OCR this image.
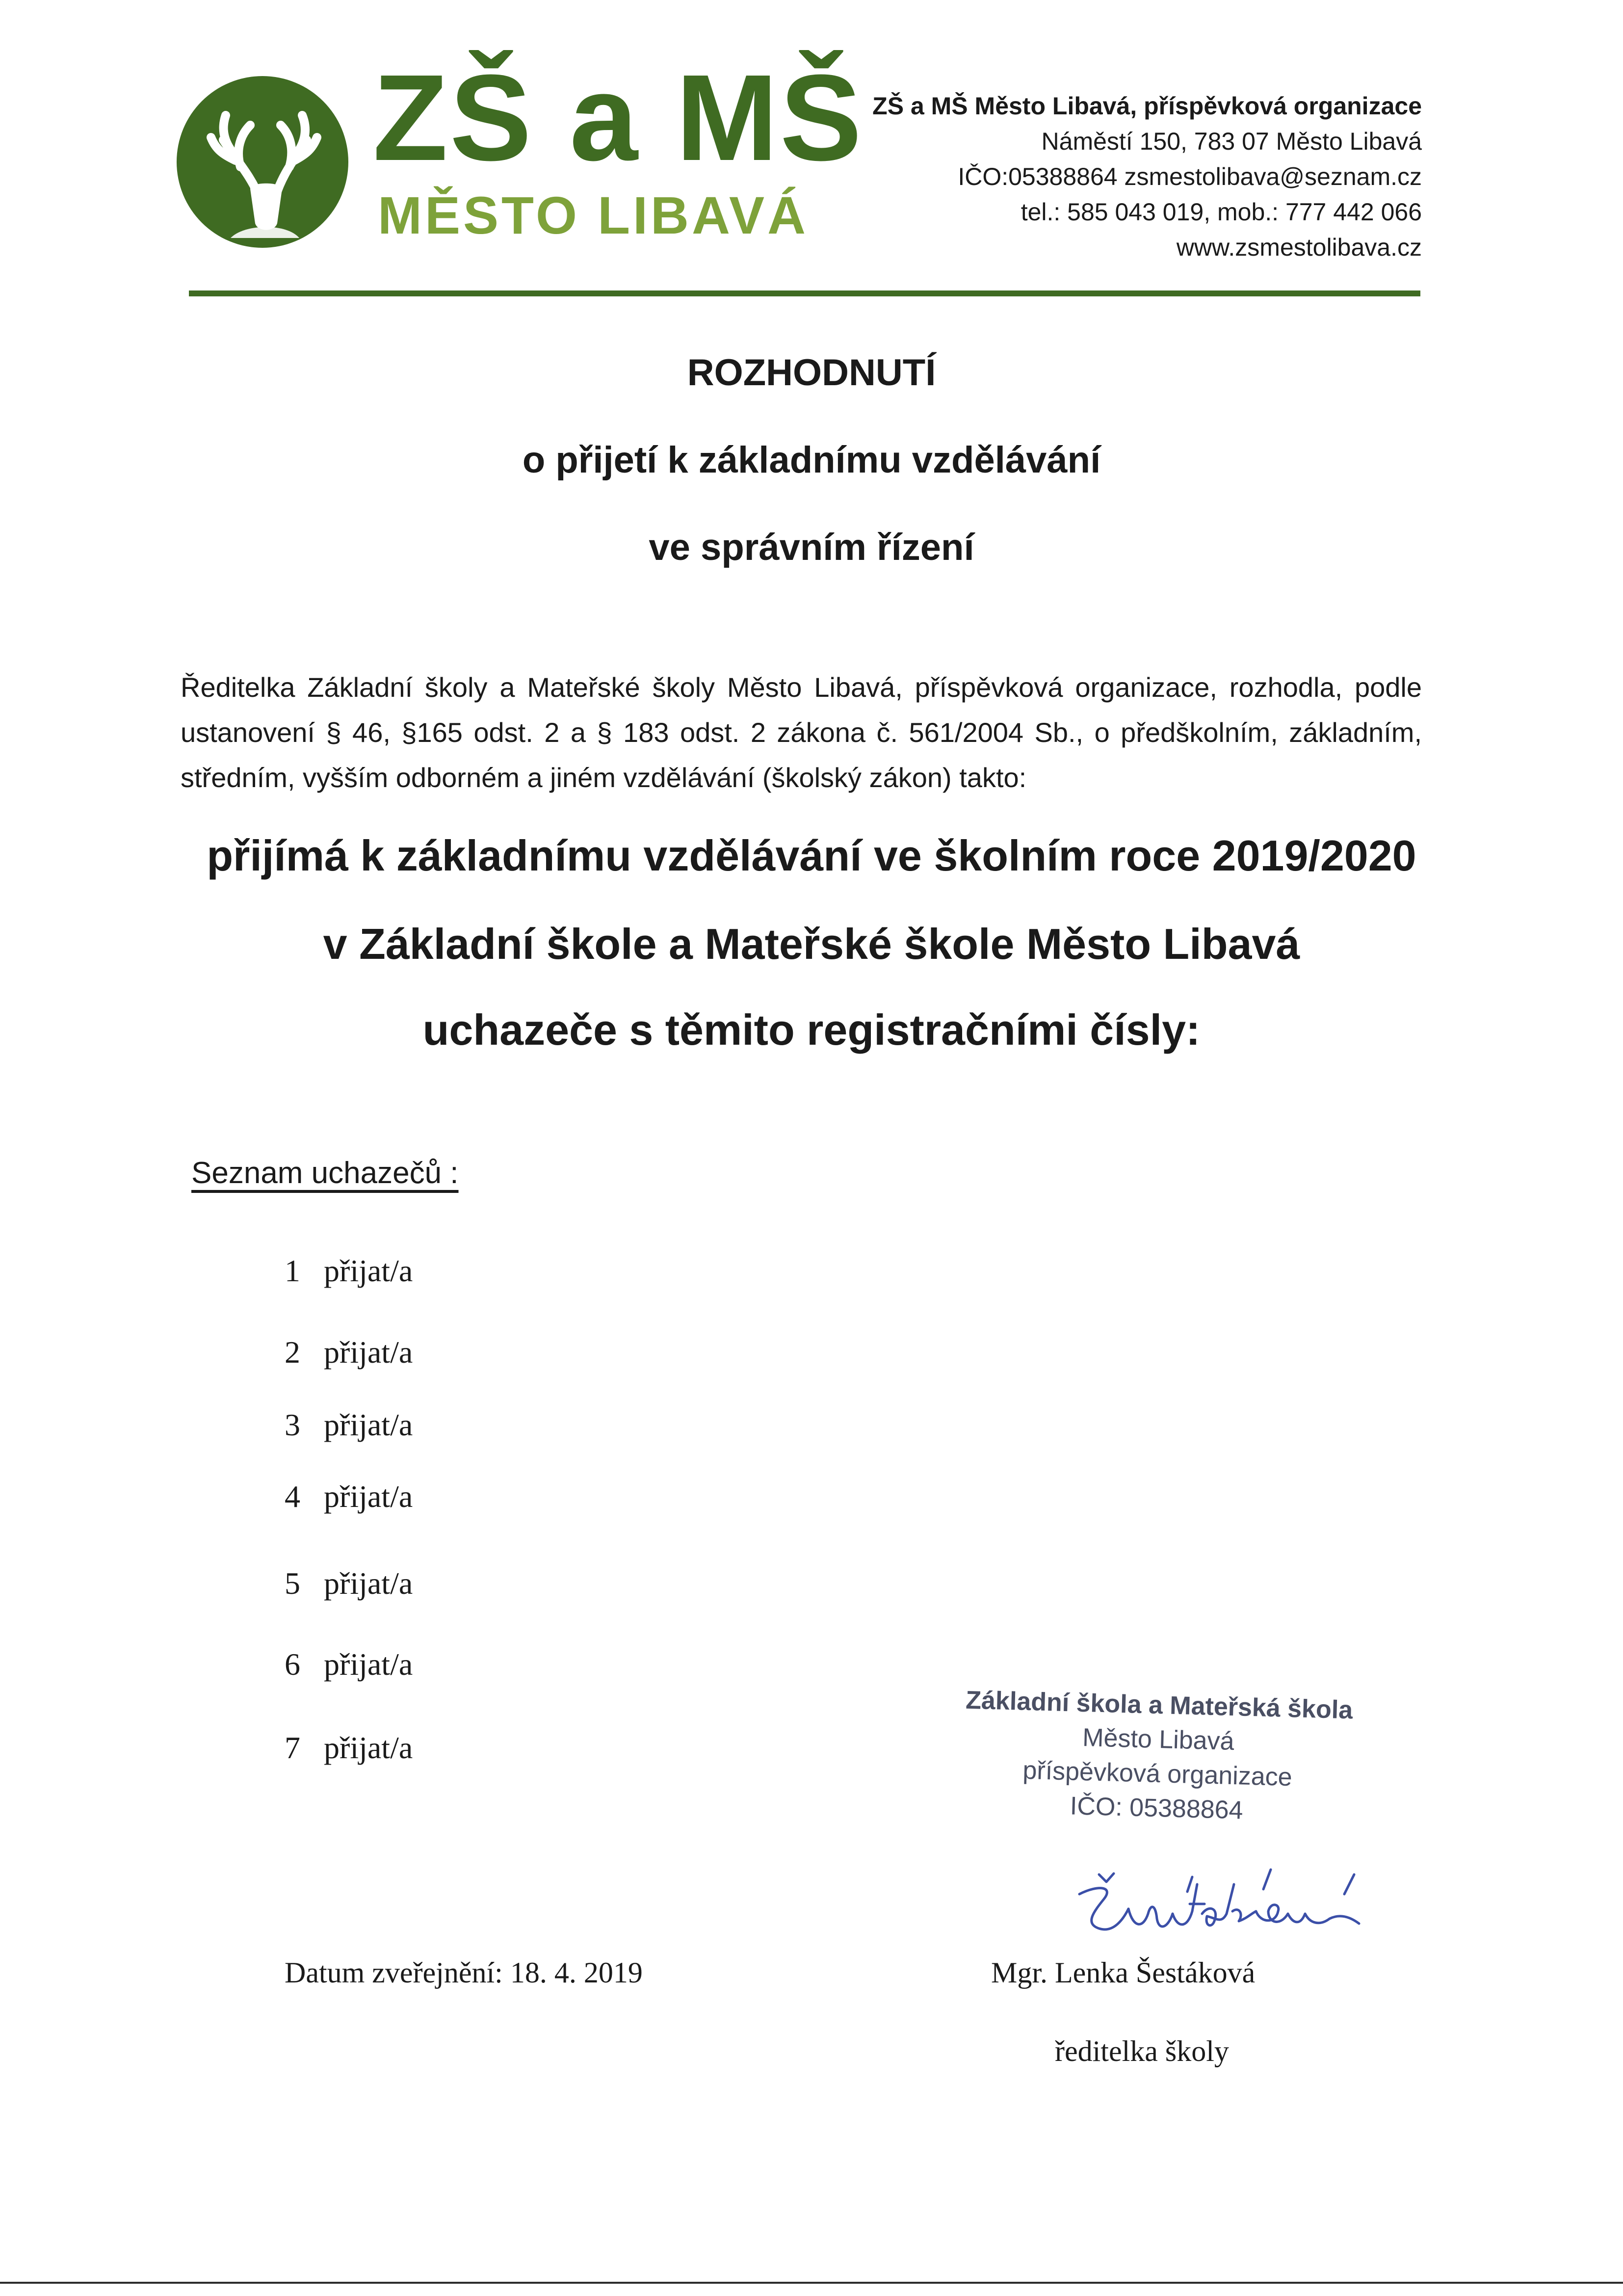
ZŠ a MŠ
MĚSTO LIBAVÁ
ZŠ a MŠ Město Libavá, příspěvková organizace
Náměstí 150, 783 07 Město Libavá
IČO:05388864 zsmestolibava@seznam.cz
tel.: 585 043 019, mob.: 777 442 066
www.zsmestolibava.cz
ROZHODNUTÍ
o přijetí k základnímu vzdělávání
ve správním řízení
Ředitelka Základní školy a Mateřské školy Město Libavá, příspěvková organizace, rozhodla, podle ustanovení § 46, §165 odst. 2 a § 183 odst. 2 zákona č. 561/2004 Sb., o předškolním, základním, středním, vyšším odborném a jiném vzdělávání (školský zákon) takto:
přijímá k základnímu vzdělávání ve školním roce 2019/2020
v Základní škole a Mateřské škole Město Libavá
uchazeče s těmito registračními čísly:
Seznam uchazečů :
1 přijat/a
2 přijat/a
3 přijat/a
4 přijat/a
5 přijat/a
6 přijat/a
7 přijat/a
Základní škola a Mateřská škola
Město Libavá
příspěvková organizace
IČO: 05388864
Datum zveřejnění: 18. 4. 2019	Mgr. Lenka Šestáková
ředitelka školy
